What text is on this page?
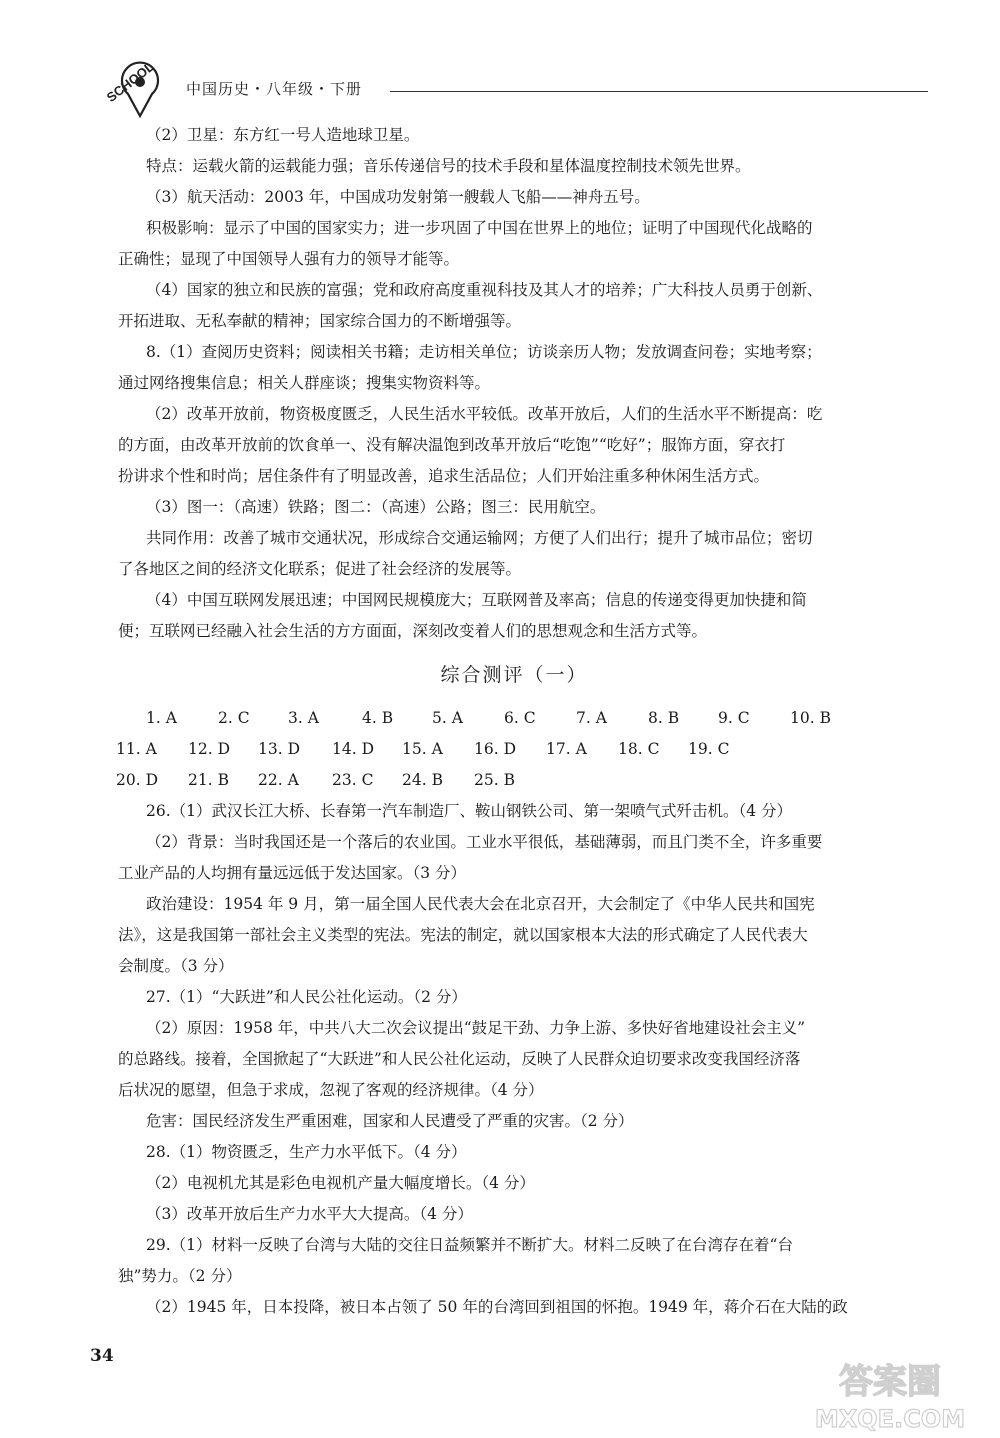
SCHOOL 中国历史・八年级・下册
（2）卫星：东方红一号人造地球卫星。
特点：运载火箭的运载能力强；音乐传递信号的技术手段和星体温度控制技术领先世界。
（3）航天活动：2003 年，中国成功发射第一艘载人飞船——神舟五号。
积极影响：显示了中国的国家实力；进一步巩固了中国在世界上的地位；证明了中国现代化战略的
正确性；显现了中国领导人强有力的领导才能等。
（4）国家的独立和民族的富强；党和政府高度重视科技及其人才的培养；广大科技人员勇于创新、
开拓进取、无私奉献的精神；国家综合国力的不断增强等。
8.（1）查阅历史资料；阅读相关书籍；走访相关单位；访谈亲历人物；发放调查问卷；实地考察；
通过网络搜集信息；相关人群座谈；搜集实物资料等。
（2）改革开放前，物资极度匮乏，人民生活水平较低。改革开放后，人们的生活水平不断提高：吃
的方面，由改革开放前的饮食单一、没有解决温饱到改革开放后“吃饱”“吃好”；服饰方面，穿衣打
扮讲求个性和时尚；居住条件有了明显改善，追求生活品位；人们开始注重多种休闲生活方式。
（3）图一：（高速）铁路；图二：（高速）公路；图三：民用航空。
共同作用：改善了城市交通状况，形成综合交通运输网；方便了人们出行；提升了城市品位；密切
了各地区之间的经济文化联系；促进了社会经济的发展等。
（4）中国互联网发展迅速；中国网民规模庞大；互联网普及率高；信息的传递变得更加快捷和简
便；互联网已经融入社会生活的方方面面，深刻改变着人们的思想观念和生活方式等。
综合测评（一）
1. A	2. C 3. A	4. B	5. A	6. C	7. A	8. B	9. C	10. B
11. A 12. D 13. D 14. D 15. A 16. D 17. A 18. C 19. C
20. D 21. B 22. A 23. C 24. B 25. B
26.（1）武汉长江大桥、长春第一汽车制造厂、鞍山钢铁公司、第一架喷气式歼击机。（4 分）
（2）背景：当时我国还是一个落后的农业国。工业水平很低，基础薄弱，而且门类不全，许多重要
工业产品的人均拥有量远远低于发达国家。（3 分）
政治建设：1954 年 9 月，第一届全国人民代表大会在北京召开，大会制定了《中华人民共和国宪
法》，这是我国第一部社会主义类型的宪法。宪法的制定，就以国家根本大法的形式确定了人民代表大
会制度。（3 分）
27.（1）“大跃进”和人民公社化运动。（2 分）
（2）原因：1958 年，中共八大二次会议提出“鼓足干劲、力争上游、多快好省地建设社会主义”
的总路线。接着，全国掀起了“大跃进”和人民公社化运动，反映了人民群众迫切要求改变我国经济落
后状况的愿望，但急于求成，忽视了客观的经济规律。（4 分）
危害：国民经济发生严重困难，国家和人民遭受了严重的灾害。（2 分）
28.（1）物资匮乏，生产力水平低下。（4 分）
（2）电视机尤其是彩色电视机产量大幅度增长。（4 分）
（3）改革开放后生产力水平大大提高。（4 分）
29.（1）材料一反映了台湾与大陆的交往日益频繁并不断扩大。材料二反映了在台湾存在着“台
独”势力。（2 分）
（2）1945 年，日本投降，被日本占领了 50 年的台湾回到祖国的怀抱。1949 年，蒋介石在大陆的政
34
答案圈
MXQE.COM
